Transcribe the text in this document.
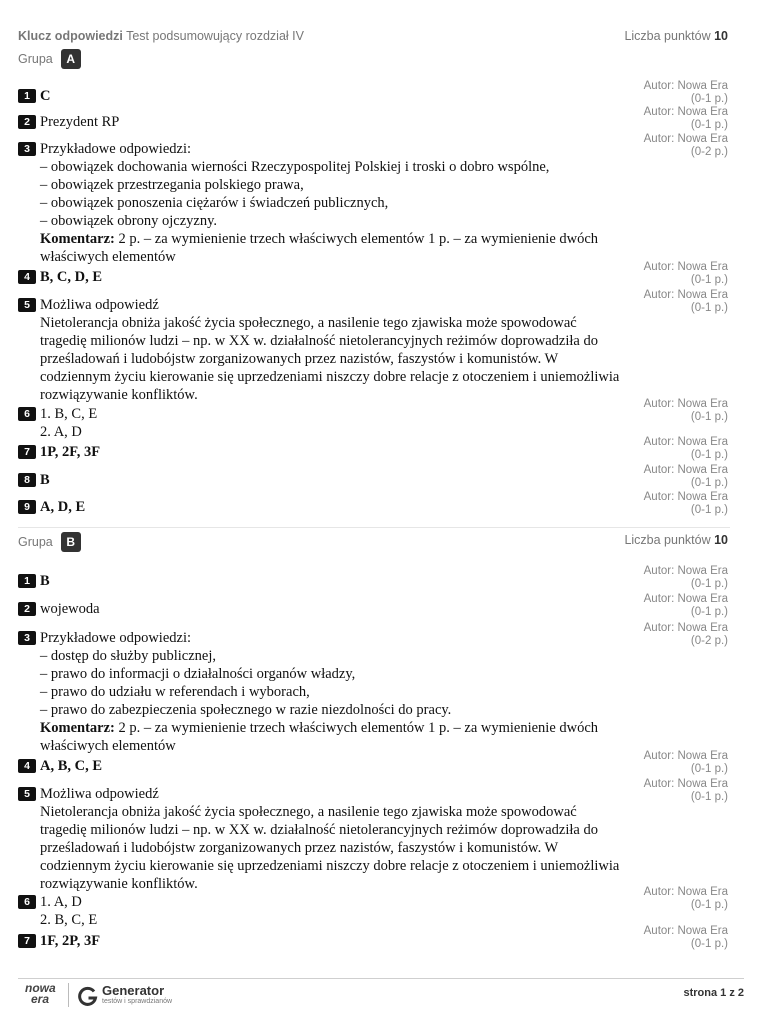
Klucz odpowiedzi Test podsumowujący rozdział IV	Liczba punktów 10
Grupa	A
1 C
Autor: Nowa Era
(0-1 p.)
2 Prezydent RP
Autor: Nowa Era
(0-1 p.)
3 Przykładowe odpowiedzi:
– obowiązek dochowania wierności Rzeczypospolitej Polskiej i troski o dobro wspólne,
– obowiązek przestrzegania polskiego prawa,
– obowiązek ponoszenia ciężarów i świadczeń publicznych,
– obowiązek obrony ojczyzny.
Komentarz: 2 p. – za wymienienie trzech właściwych elementów 1 p. – za wymienienie dwóch właściwych elementów
Autor: Nowa Era
(0-2 p.)
4 B, C, D, E
Autor: Nowa Era
(0-1 p.)
5 Możliwa odpowiedź
Nietolerancja obniża jakość życia społecznego, a nasilenie tego zjawiska może spowodować tragedię milionów ludzi – np. w XX w. działalność nietolerancyjnych reżimów doprowadziła do prześladowań i ludobójstw zorganizowanych przez nazistów, faszystów i komunistów. W codziennym życiu kierowanie się uprzedzeniami niszczy dobre relacje z otoczeniem i uniemożliwia rozwiązywanie konfliktów.
Autor: Nowa Era
(0-1 p.)
6 1. B, C, E
2. A, D
Autor: Nowa Era
(0-1 p.)
7 1P, 2F, 3F
Autor: Nowa Era
(0-1 p.)
8 B
Autor: Nowa Era
(0-1 p.)
9 A, D, E
Autor: Nowa Era
(0-1 p.)
Grupa	B	Liczba punktów 10
1 B
Autor: Nowa Era
(0-1 p.)
2 wojewoda
Autor: Nowa Era
(0-1 p.)
3 Przykładowe odpowiedzi:
– dostęp do służby publicznej,
– prawo do informacji o działalności organów władzy,
– prawo do udziału w referendach i wyborach,
– prawo do zabezpieczenia społecznego w razie niezdolności do pracy.
Komentarz: 2 p. – za wymienienie trzech właściwych elementów 1 p. – za wymienienie dwóch właściwych elementów
Autor: Nowa Era
(0-2 p.)
4 A, B, C, E
Autor: Nowa Era
(0-1 p.)
5 Możliwa odpowiedź
Nietolerancja obniża jakość życia społecznego, a nasilenie tego zjawiska może spowodować tragedię milionów ludzi – np. w XX w. działalność nietolerancyjnych reżimów doprowadziła do prześladowań i ludobójstw zorganizowanych przez nazistów, faszystów i komunistów. W codziennym życiu kierowanie się uprzedzeniami niszczy dobre relacje z otoczeniem i uniemożliwia rozwiązywanie konfliktów.
Autor: Nowa Era
(0-1 p.)
6 1. A, D
2. B, C, E
Autor: Nowa Era
(0-1 p.)
7 1F, 2P, 3F
Autor: Nowa Era
(0-1 p.)
nowa
era
Generator
testów i sprawdzianów
strona 1 z 2
